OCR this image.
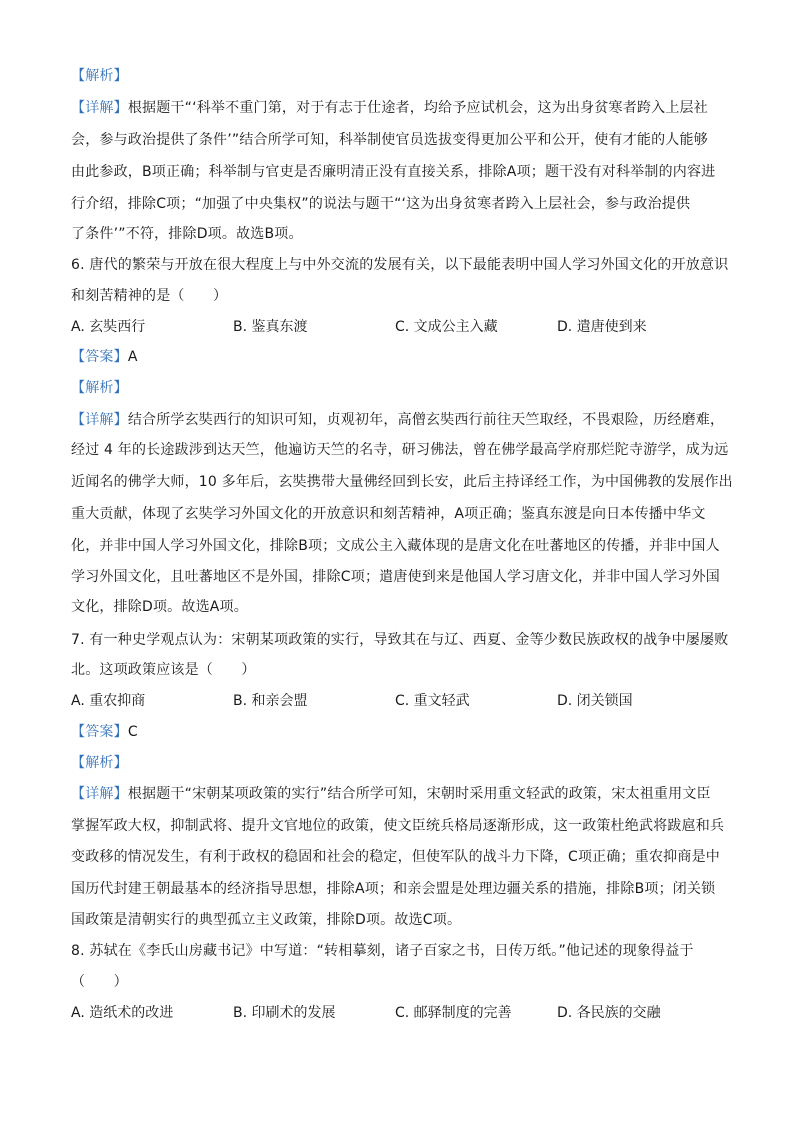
【解析】
【详解】根据题干“‘科举不重门第，对于有志于仕途者，均给予应试机会，这为出身贫寒者跨入上层社
会，参与政治提供了条件’”结合所学可知，科举制使官员选拔变得更加公平和公开，使有才能的人能够
由此参政，B项正确；科举制与官吏是否廉明清正没有直接关系，排除A项；题干没有对科举制的内容进
行介绍，排除C项；“加强了中央集权”的说法与题干“‘这为出身贫寒者跨入上层社会，参与政治提供
了条件’”不符，排除D项。故选B项。
6. 唐代的繁荣与开放在很大程度上与中外交流的发展有关，以下最能表明中国人学习外国文化的开放意识
和刻苦精神的是（　　）
A. 玄奘西行	B. 鉴真东渡	C. 文成公主入藏	D. 遣唐使到来
【答案】A
【解析】
【详解】结合所学玄奘西行的知识可知，贞观初年，高僧玄奘西行前往天竺取经，不畏艰险，历经磨难，
经过 4 年的长途跋涉到达天竺，他遍访天竺的名寺，研习佛法，曾在佛学最高学府那烂陀寺游学，成为远
近闻名的佛学大师，10 多年后，玄奘携带大量佛经回到长安，此后主持译经工作，为中国佛教的发展作出
重大贡献，体现了玄奘学习外国文化的开放意识和刻苦精神，A项正确；鉴真东渡是向日本传播中华文
化，并非中国人学习外国文化，排除B项；文成公主入藏体现的是唐文化在吐蕃地区的传播，并非中国人
学习外国文化，且吐蕃地区不是外国，排除C项；遣唐使到来是他国人学习唐文化，并非中国人学习外国
文化，排除D项。故选A项。
7. 有一种史学观点认为：宋朝某项政策的实行，导致其在与辽、西夏、金等少数民族政权的战争中屡屡败
北。这项政策应该是（　　）
A. 重农抑商	B. 和亲会盟	C. 重文轻武	D. 闭关锁国
【答案】C
【解析】
【详解】根据题干“宋朝某项政策的实行”结合所学可知，宋朝时采用重文轻武的政策，宋太祖重用文臣
掌握军政大权，抑制武将、提升文官地位的政策，使文臣统兵格局逐渐形成，这一政策杜绝武将跋扈和兵
变政移的情况发生，有利于政权的稳固和社会的稳定，但使军队的战斗力下降，C项正确；重农抑商是中
国历代封建王朝最基本的经济指导思想，排除A项；和亲会盟是处理边疆关系的措施，排除B项；闭关锁
国政策是清朝实行的典型孤立主义政策，排除D项。故选C项。
8. 苏轼在《李氏山房藏书记》中写道：“转相摹刻，诸子百家之书，日传万纸。”他记述的现象得益于
（　　）
A. 造纸术的改进	B. 印刷术的发展	C. 邮驿制度的完善	D. 各民族的交融
